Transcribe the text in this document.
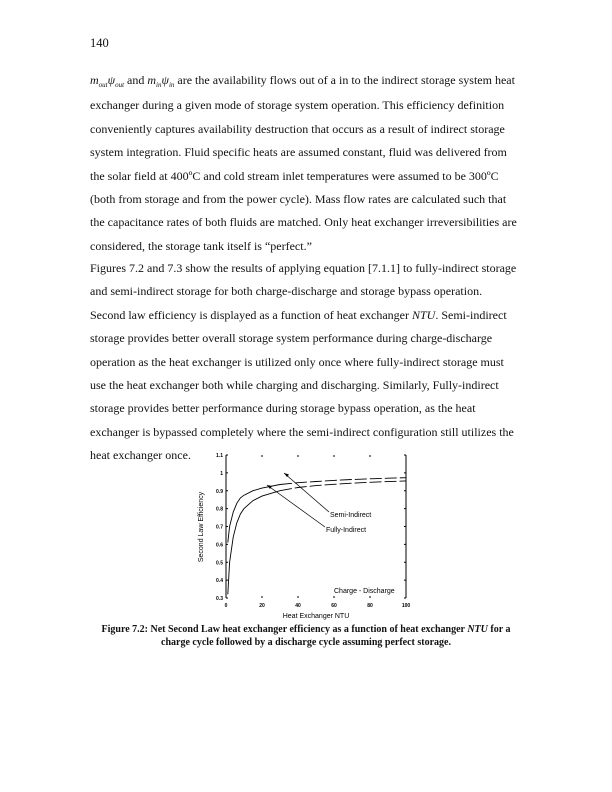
140

$m_{out}\psi_{out}$ and $m_{in}\psi_{in}$ are the availability flows out of a in to the indirect storage system heat
exchanger during a given mode of storage system operation. This efficiency definition
conveniently captures availability destruction that occurs as a result of indirect storage
system integration. Fluid specific heats are assumed constant, fluid was delivered from
the solar field at 400ºC and cold stream inlet temperatures were assumed to be 300ºC
(both from storage and from the power cycle). Mass flow rates are calculated such that
the capacitance rates of both fluids are matched. Only heat exchanger irreversibilities are
considered, the storage tank itself is “perfect.”

Figures 7.2 and 7.3 show the results of applying equation [7.1.1] to fully-indirect storage
and semi-indirect storage for both charge-discharge and storage bypass operation.
Second law efficiency is displayed as a function of heat exchanger NTU. Semi-indirect
storage provides better overall storage system performance during charge-discharge
operation as the heat exchanger is utilized only once where fully-indirect storage must
use the heat exchanger both while charging and discharging. Similarly, Fully-indirect
storage provides better performance during storage bypass operation, as the heat
exchanger is bypassed completely where the semi-indirect configuration still utilizes the
heat exchanger once.

0.3
0.4
0.5
0.6
0.7
0.8
0.9
1
1.1
0	20	40	60	80	100
Semi-Indirect
Fully-Indirect
Charge - Discharge
Heat Exchanger NTU
Second Law Efficiency
Figure 7.2: Net Second Law heat exchanger efficiency as a function of heat exchanger NTU for a
charge cycle followed by a discharge cycle assuming perfect storage.
